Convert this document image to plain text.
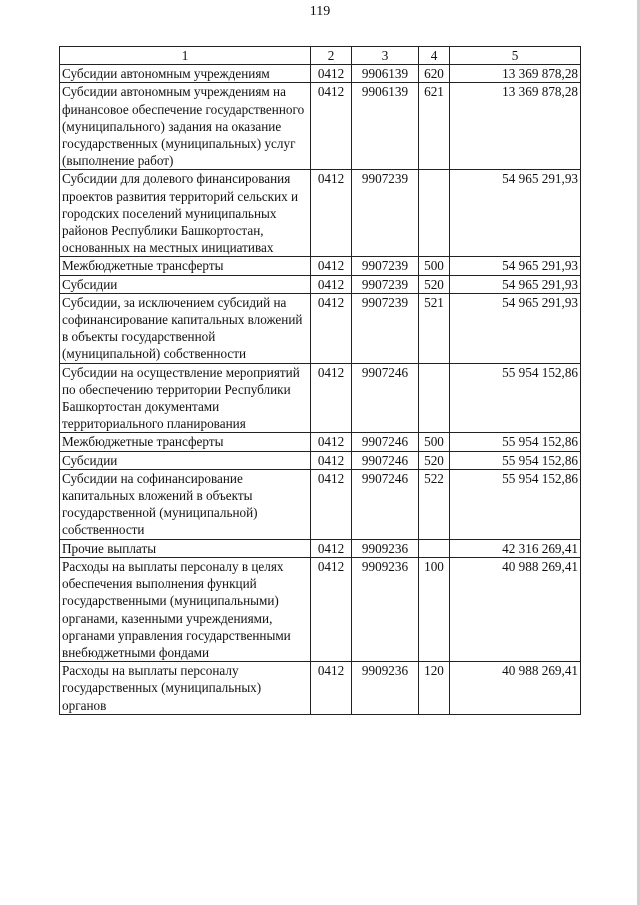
119
1	2	3	4	5
Субсидии автономным учреждениям	0412	9906139	620	13 369 878,28
Субсидии автономным учреждениям на финансовое обеспечение государственного (муниципального) задания на оказание государственных (муниципальных) услуг (выполнение работ)	0412	9906139	621	13 369 878,28
Субсидии для долевого финансирования проектов развития территорий сельских и городских поселений муниципальных районов Республики Башкортостан, основанных на местных инициативах	0412	9907239		54 965 291,93
Межбюджетные трансферты	0412	9907239	500	54 965 291,93
Субсидии	0412	9907239	520	54 965 291,93
Субсидии, за исключением субсидий на софинансирование капитальных вложений в объекты государственной (муниципальной) собственности	0412	9907239	521	54 965 291,93
Субсидии на осуществление мероприятий по обеспечению территории Республики Башкортостан документами территориального планирования	0412	9907246		55 954 152,86
Межбюджетные трансферты	0412	9907246	500	55 954 152,86
Субсидии	0412	9907246	520	55 954 152,86
Субсидии на софинансирование капитальных вложений в объекты государственной (муниципальной) собственности	0412	9907246	522	55 954 152,86
Прочие выплаты	0412	9909236		42 316 269,41
Расходы на выплаты персоналу в целях обеспечения выполнения функций государственными (муниципальными) органами, казенными учреждениями, органами управления государственными внебюджетными фондами	0412	9909236	100	40 988 269,41
Расходы на выплаты персоналу государственных (муниципальных) органов	0412	9909236	120	40 988 269,41
